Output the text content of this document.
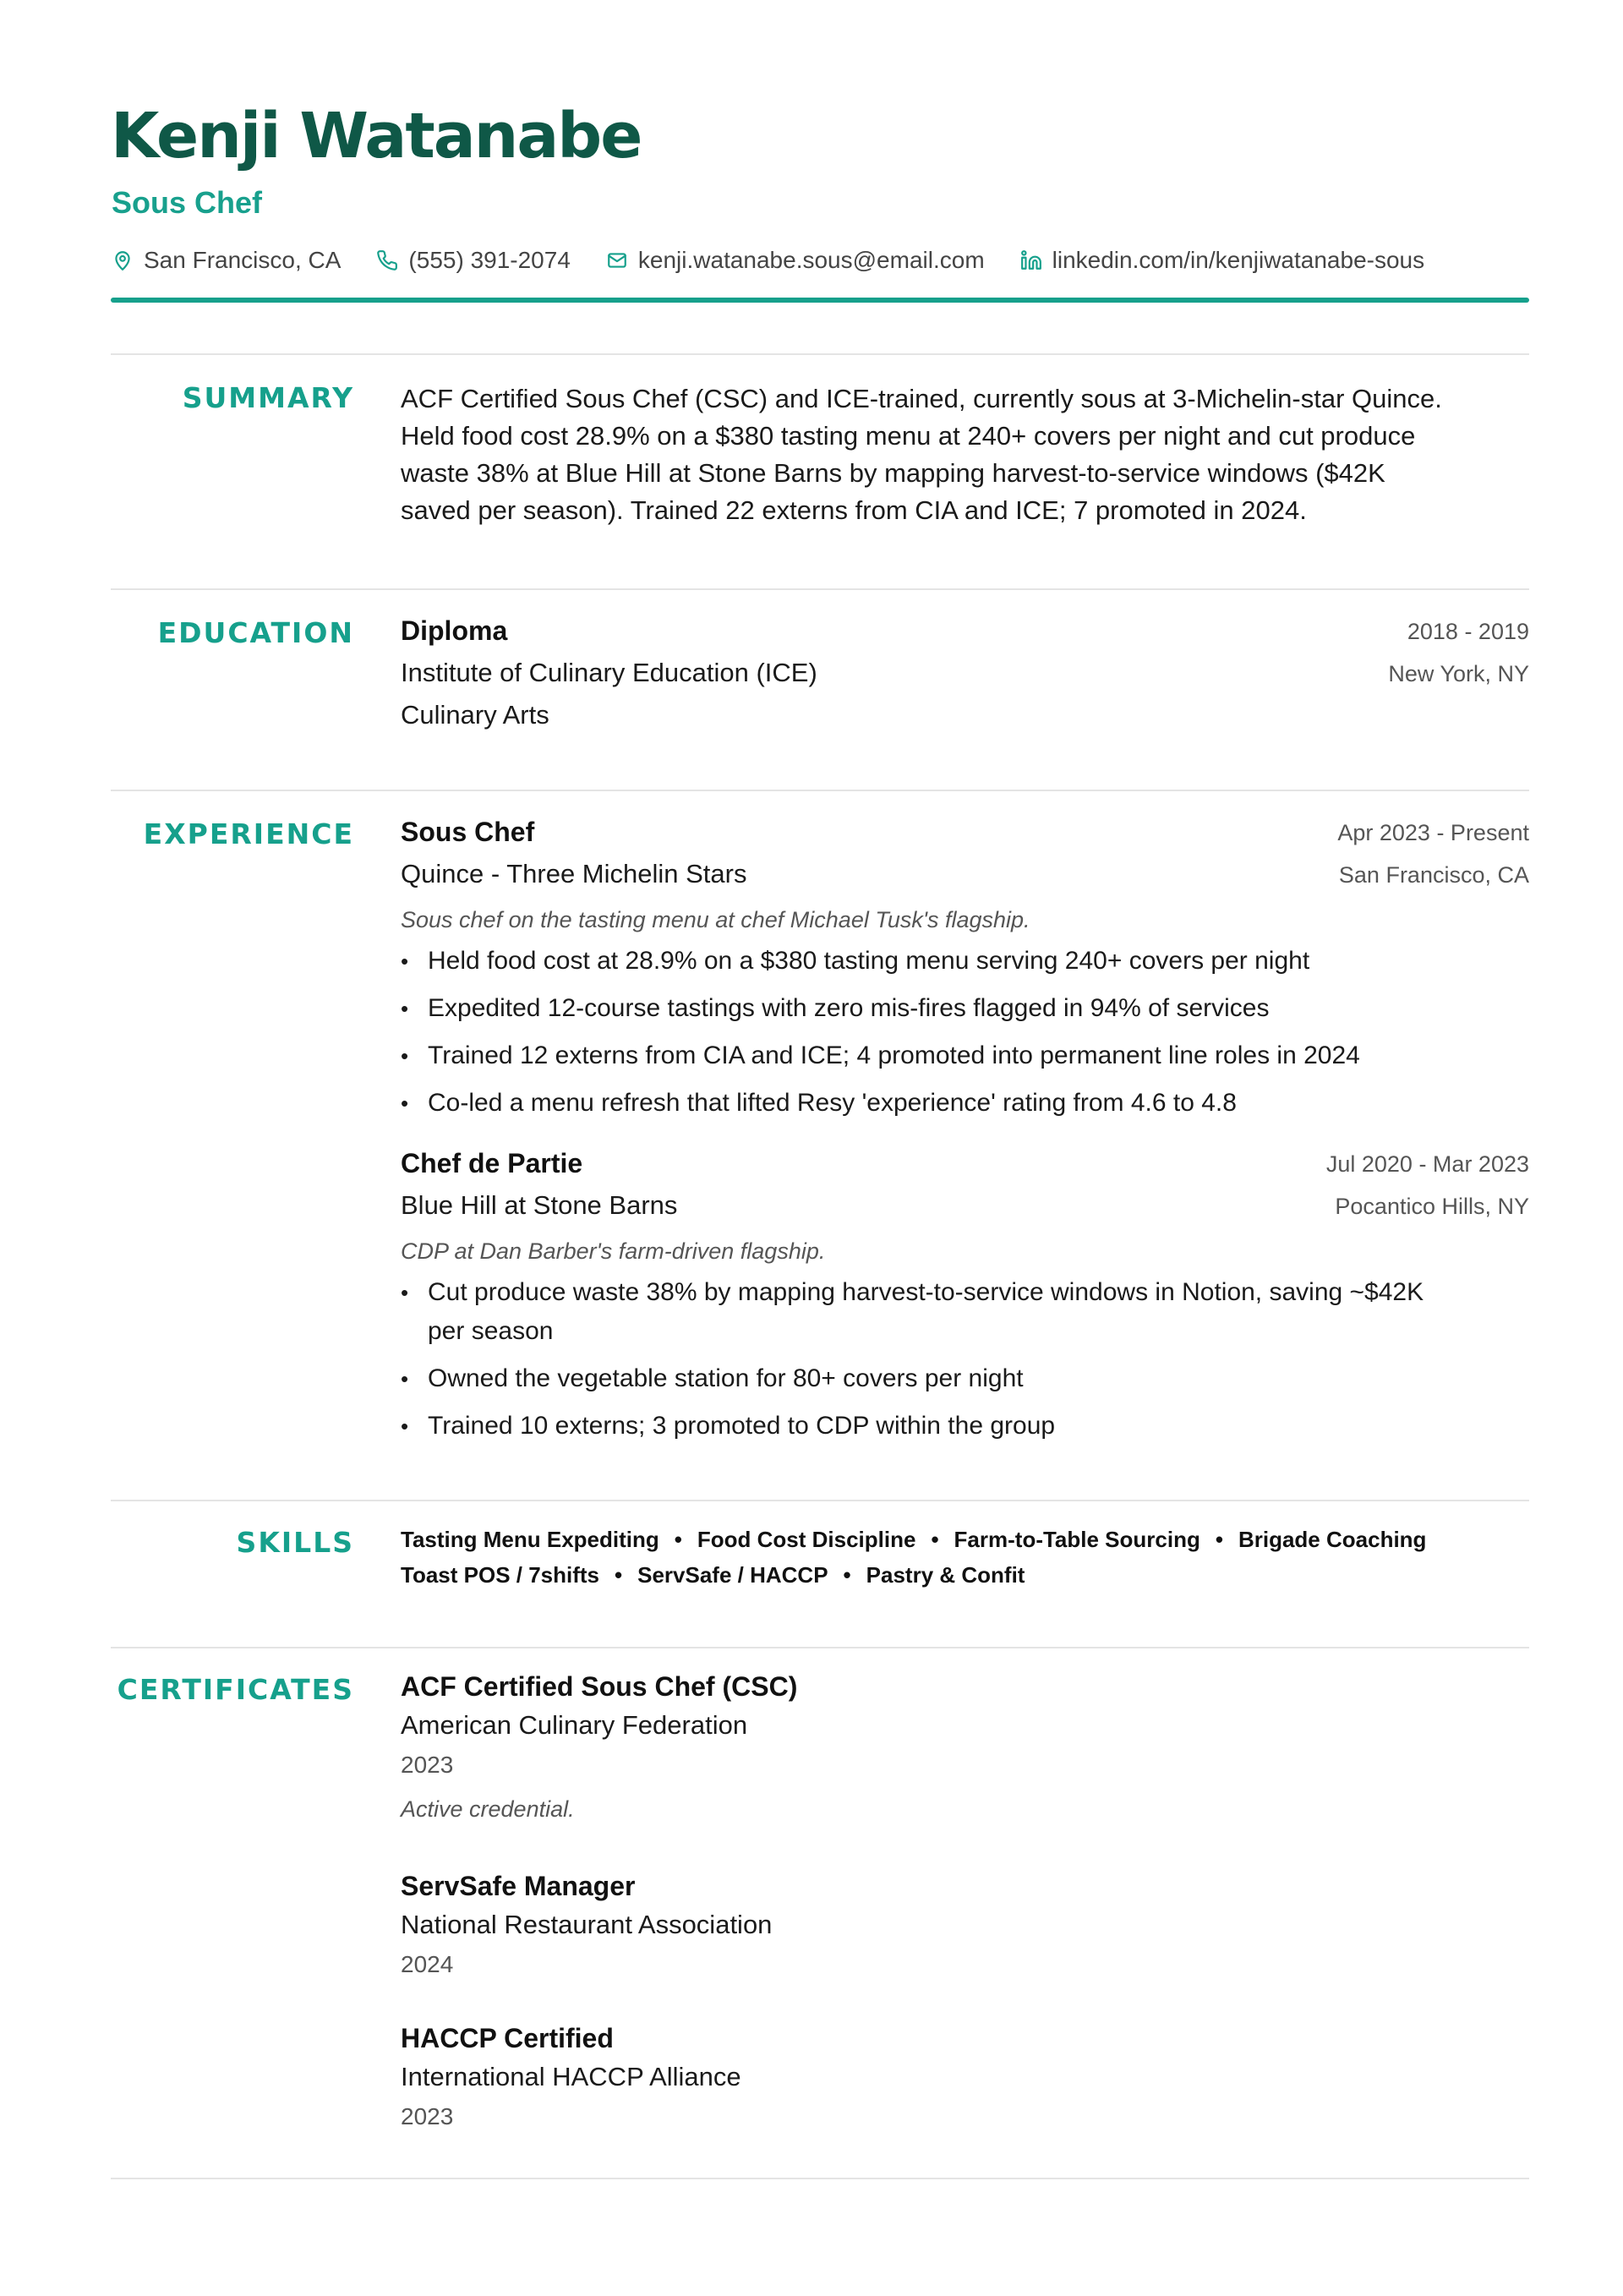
Kenji Watanabe
Sous Chef
San Francisco, CA	(555) 391-2074	kenji.watanabe.sous@email.com	linkedin.com/in/kenjiwatanabe-sous
SUMMARY ACF Certified Sous Chef (CSC) and ICE-trained, currently sous at 3-Michelin-star Quince.
Held food cost 28.9% on a $380 tasting menu at 240+ covers per night and cut produce
waste 38% at Blue Hill at Stone Barns by mapping harvest-to-service windows ($42K
saved per season). Trained 22 externs from CIA and ICE; 7 promoted in 2024.
EDUCATION Diploma	2018 - 2019
Institute of Culinary Education (ICE)	New York, NY
Culinary Arts
EXPERIENCE Sous Chef	Apr 2023 - Present
Quince - Three Michelin Stars	San Francisco, CA
Sous chef on the tasting menu at chef Michael Tusk's flagship.
• Held food cost at 28.9% on a $380 tasting menu serving 240+ covers per night
• Expedited 12-course tastings with zero mis-fires flagged in 94% of services
• Trained 12 externs from CIA and ICE; 4 promoted into permanent line roles in 2024
• Co-led a menu refresh that lifted Resy 'experience' rating from 4.6 to 4.8
Chef de Partie	Jul 2020 - Mar 2023
Blue Hill at Stone Barns	Pocantico Hills, NY
CDP at Dan Barber's farm-driven flagship.
• Cut produce waste 38% by mapping harvest-to-service windows in Notion, saving ~$42K
per season
• Owned the vegetable station for 80+ covers per night
• Trained 10 externs; 3 promoted to CDP within the group
SKILLS Tasting Menu Expediting • Food Cost Discipline • Farm-to-Table Sourcing • Brigade Coaching
Toast POS / 7shifts • ServSafe / HACCP • Pastry & Confit
CERTIFICATES ACF Certified Sous Chef (CSC)
American Culinary Federation
2023
Active credential.
ServSafe Manager
National Restaurant Association
2024
HACCP Certified
International HACCP Alliance
2023
